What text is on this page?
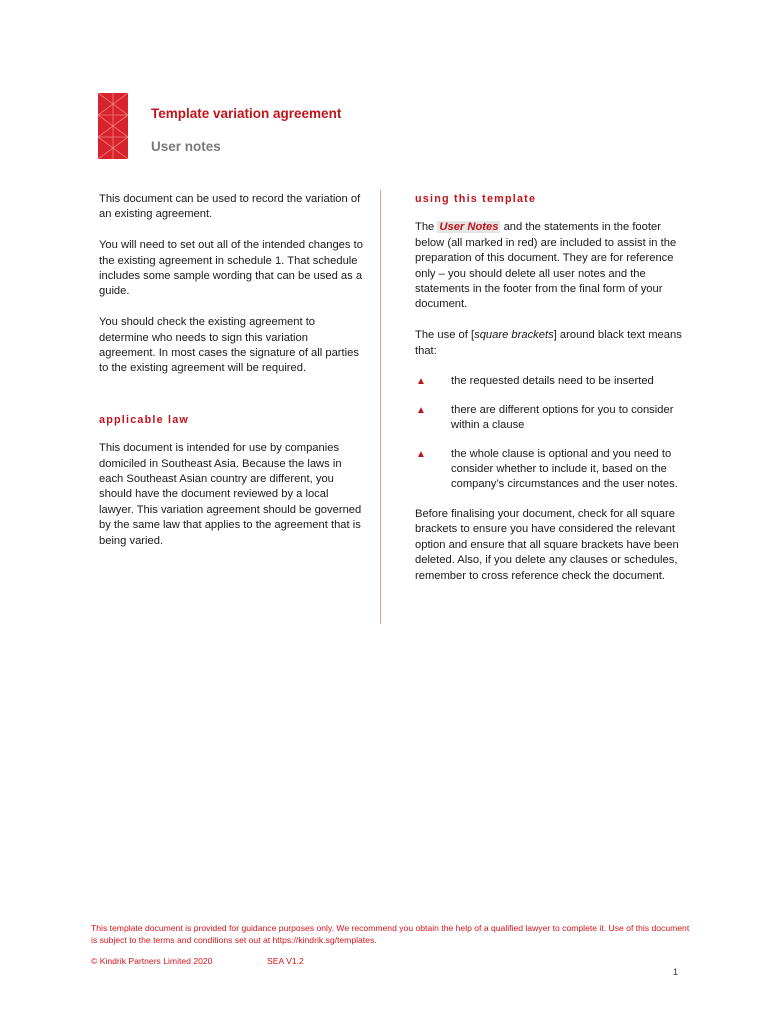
Template variation agreement
User notes

This document can be used to record the variation of an existing agreement.

You will need to set out all of the intended changes to the existing agreement in schedule 1. That schedule includes some sample wording that can be used as a guide.

You should check the existing agreement to determine who needs to sign this variation agreement. In most cases the signature of all parties to the existing agreement will be required.

applicable law

This document is intended for use by companies domiciled in Southeast Asia. Because the laws in each Southeast Asian country are different, you should have the document reviewed by a local lawyer. This variation agreement should be governed by the same law that applies to the agreement that is being varied.

using this template

The User Notes and the statements in the footer below (all marked in red) are included to assist in the preparation of this document. They are for reference only – you should delete all user notes and the statements in the footer from the final form of your document.

The use of [square brackets] around black text means that:

▲ the requested details need to be inserted
▲ there are different options for you to consider within a clause
▲ the whole clause is optional and you need to consider whether to include it, based on the company’s circumstances and the user notes.

Before finalising your document, check for all square brackets to ensure you have considered the relevant option and ensure that all square brackets have been deleted. Also, if you delete any clauses or schedules, remember to cross reference check the document.

This template document is provided for guidance purposes only. We recommend you obtain the help of a qualified lawyer to complete it. Use of this document is subject to the terms and conditions set out at https://kindrik.sg/templates.
© Kindrik Partners Limited 2020	SEA V1.2
1
